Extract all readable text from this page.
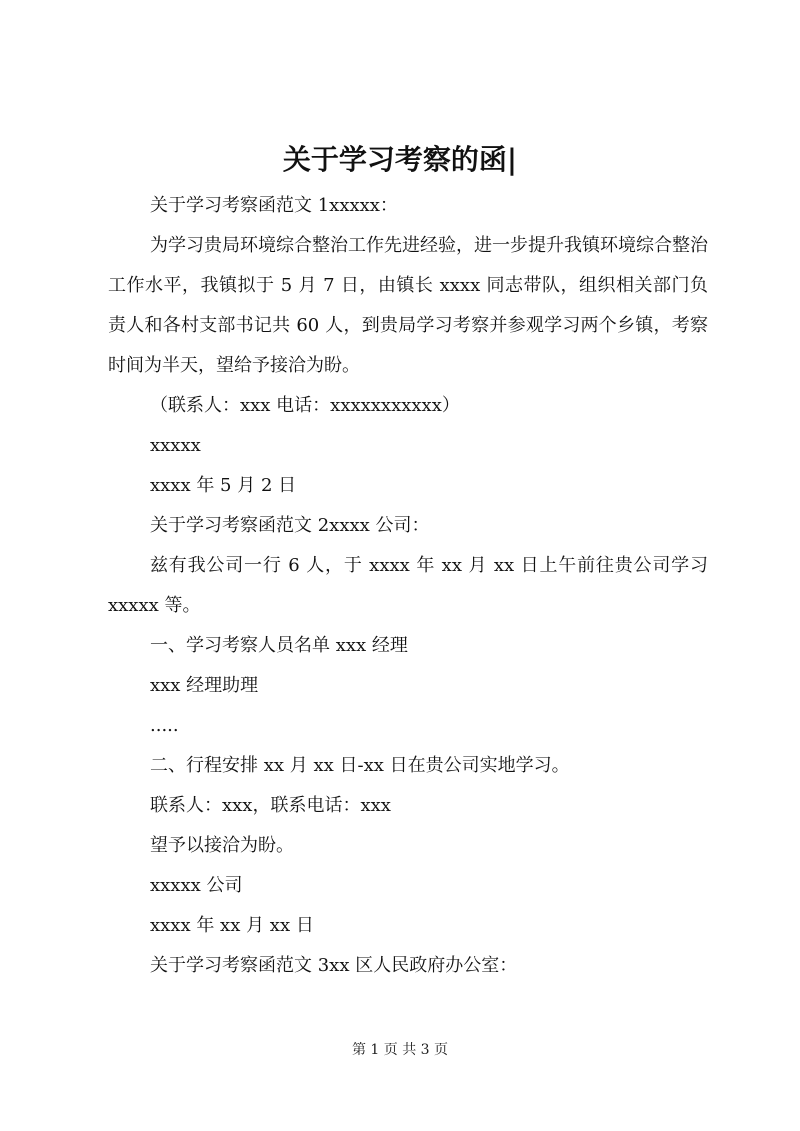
关于学习考察的函|

关于学习考察函范文 1xxxxx：

为学习贵局环境综合整治工作先进经验，进一步提升我镇环境综合整治工作水平，我镇拟于 5 月 7 日，由镇长 xxxx 同志带队，组织相关部门负责人和各村支部书记共 60 人，到贵局学习考察并参观学习两个乡镇，考察时间为半天，望给予接洽为盼。

（联系人：xxx 电话：xxxxxxxxxxx）

xxxxx

xxxx 年 5 月 2 日

关于学习考察函范文 2xxxx 公司：

兹有我公司一行 6 人，于 xxxx 年 xx 月 xx 日上午前往贵公司学习 xxxxx 等。

一、学习考察人员名单 xxx 经理

xxx 经理助理

.....

二、行程安排 xx 月 xx 日-xx 日在贵公司实地学习。

联系人：xxx，联系电话：xxx

望予以接洽为盼。

xxxxx 公司

xxxx 年 xx 月 xx 日

关于学习考察函范文 3xx 区人民政府办公室：

第 1 页 共 3 页
